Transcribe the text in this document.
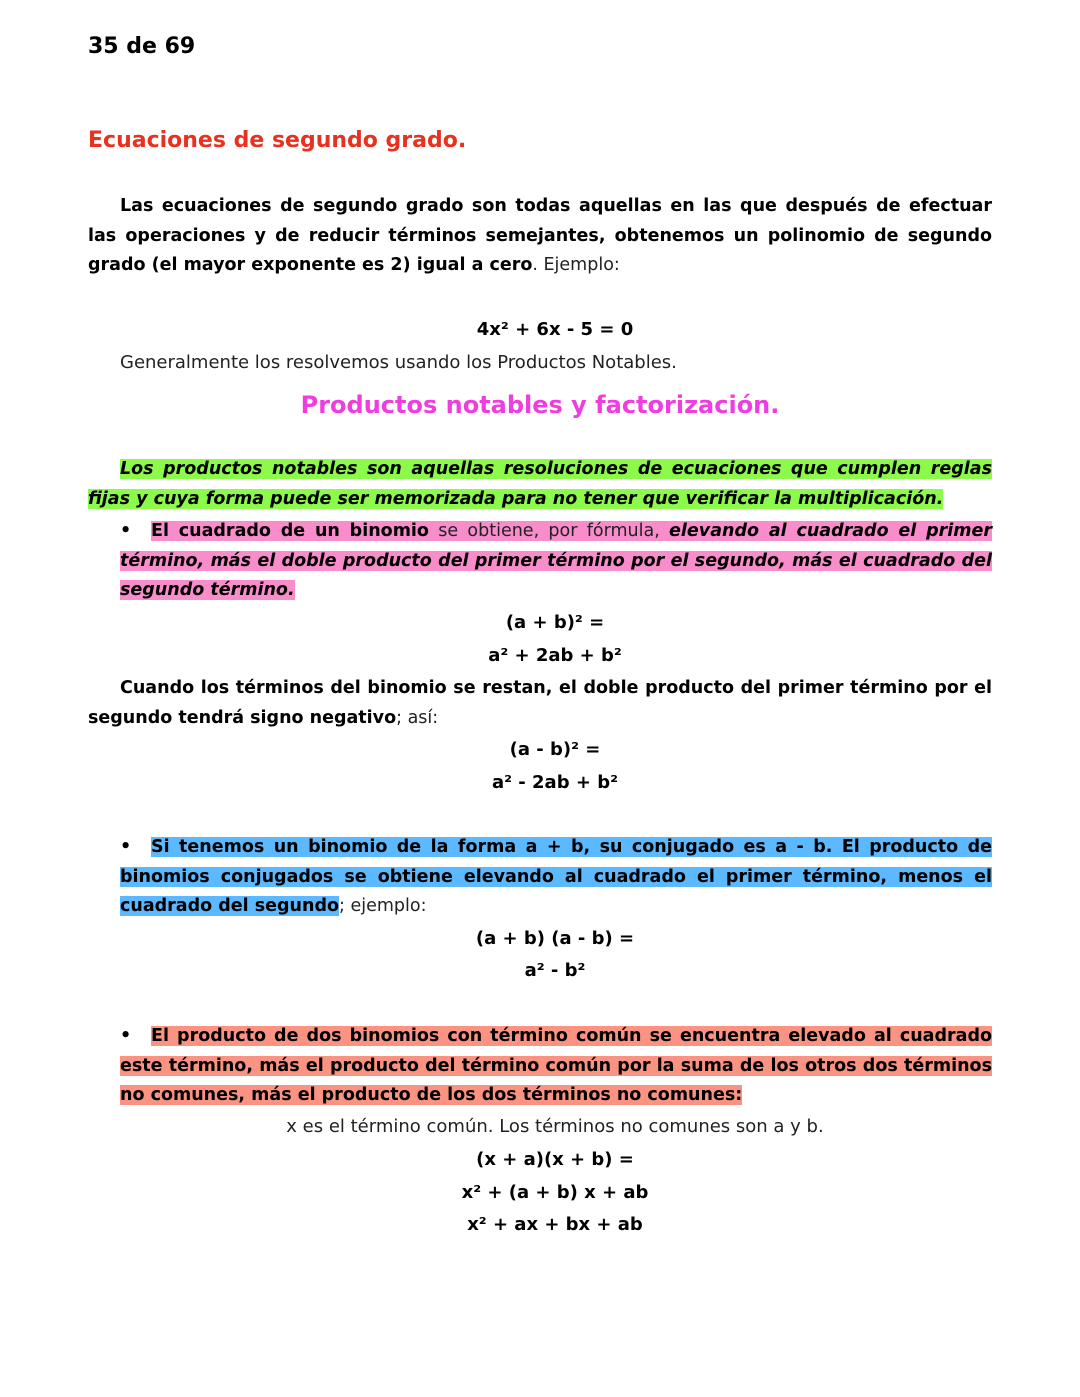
35 de 69
Ecuaciones de segundo grado.
Las ecuaciones de segundo grado son todas aquellas en las que después de efectuar las operaciones y de reducir términos semejantes, obtenemos un polinomio de segundo grado (el mayor exponente es 2) igual a cero. Ejemplo:
4x² + 6x - 5 = 0
Generalmente los resolvemos usando los Productos Notables.
Productos notables y factorización.
Los productos notables son aquellas resoluciones de ecuaciones que cumplen reglas fijas y cuya forma puede ser memorizada para no tener que verificar la multiplicación.
• El cuadrado de un binomio se obtiene, por fórmula, elevando al cuadrado el primer término, más el doble producto del primer término por el segundo, más el cuadrado del segundo término.
(a + b)² =
a² + 2ab + b²
Cuando los términos del binomio se restan, el doble producto del primer término por el segundo tendrá signo negativo; así:
(a - b)² =
a² - 2ab + b²
• Si tenemos un binomio de la forma a + b, su conjugado es a - b. El producto de binomios conjugados se obtiene elevando al cuadrado el primer término, menos el cuadrado del segundo; ejemplo:
(a + b) (a - b) =
a² - b²
• El producto de dos binomios con término común se encuentra elevado al cuadrado este término, más el producto del término común por la suma de los otros dos términos no comunes, más el producto de los dos términos no comunes:
x es el término común. Los términos no comunes son a y b.
(x + a)(x + b) =
x² + (a + b) x + ab
x² + ax + bx + ab
